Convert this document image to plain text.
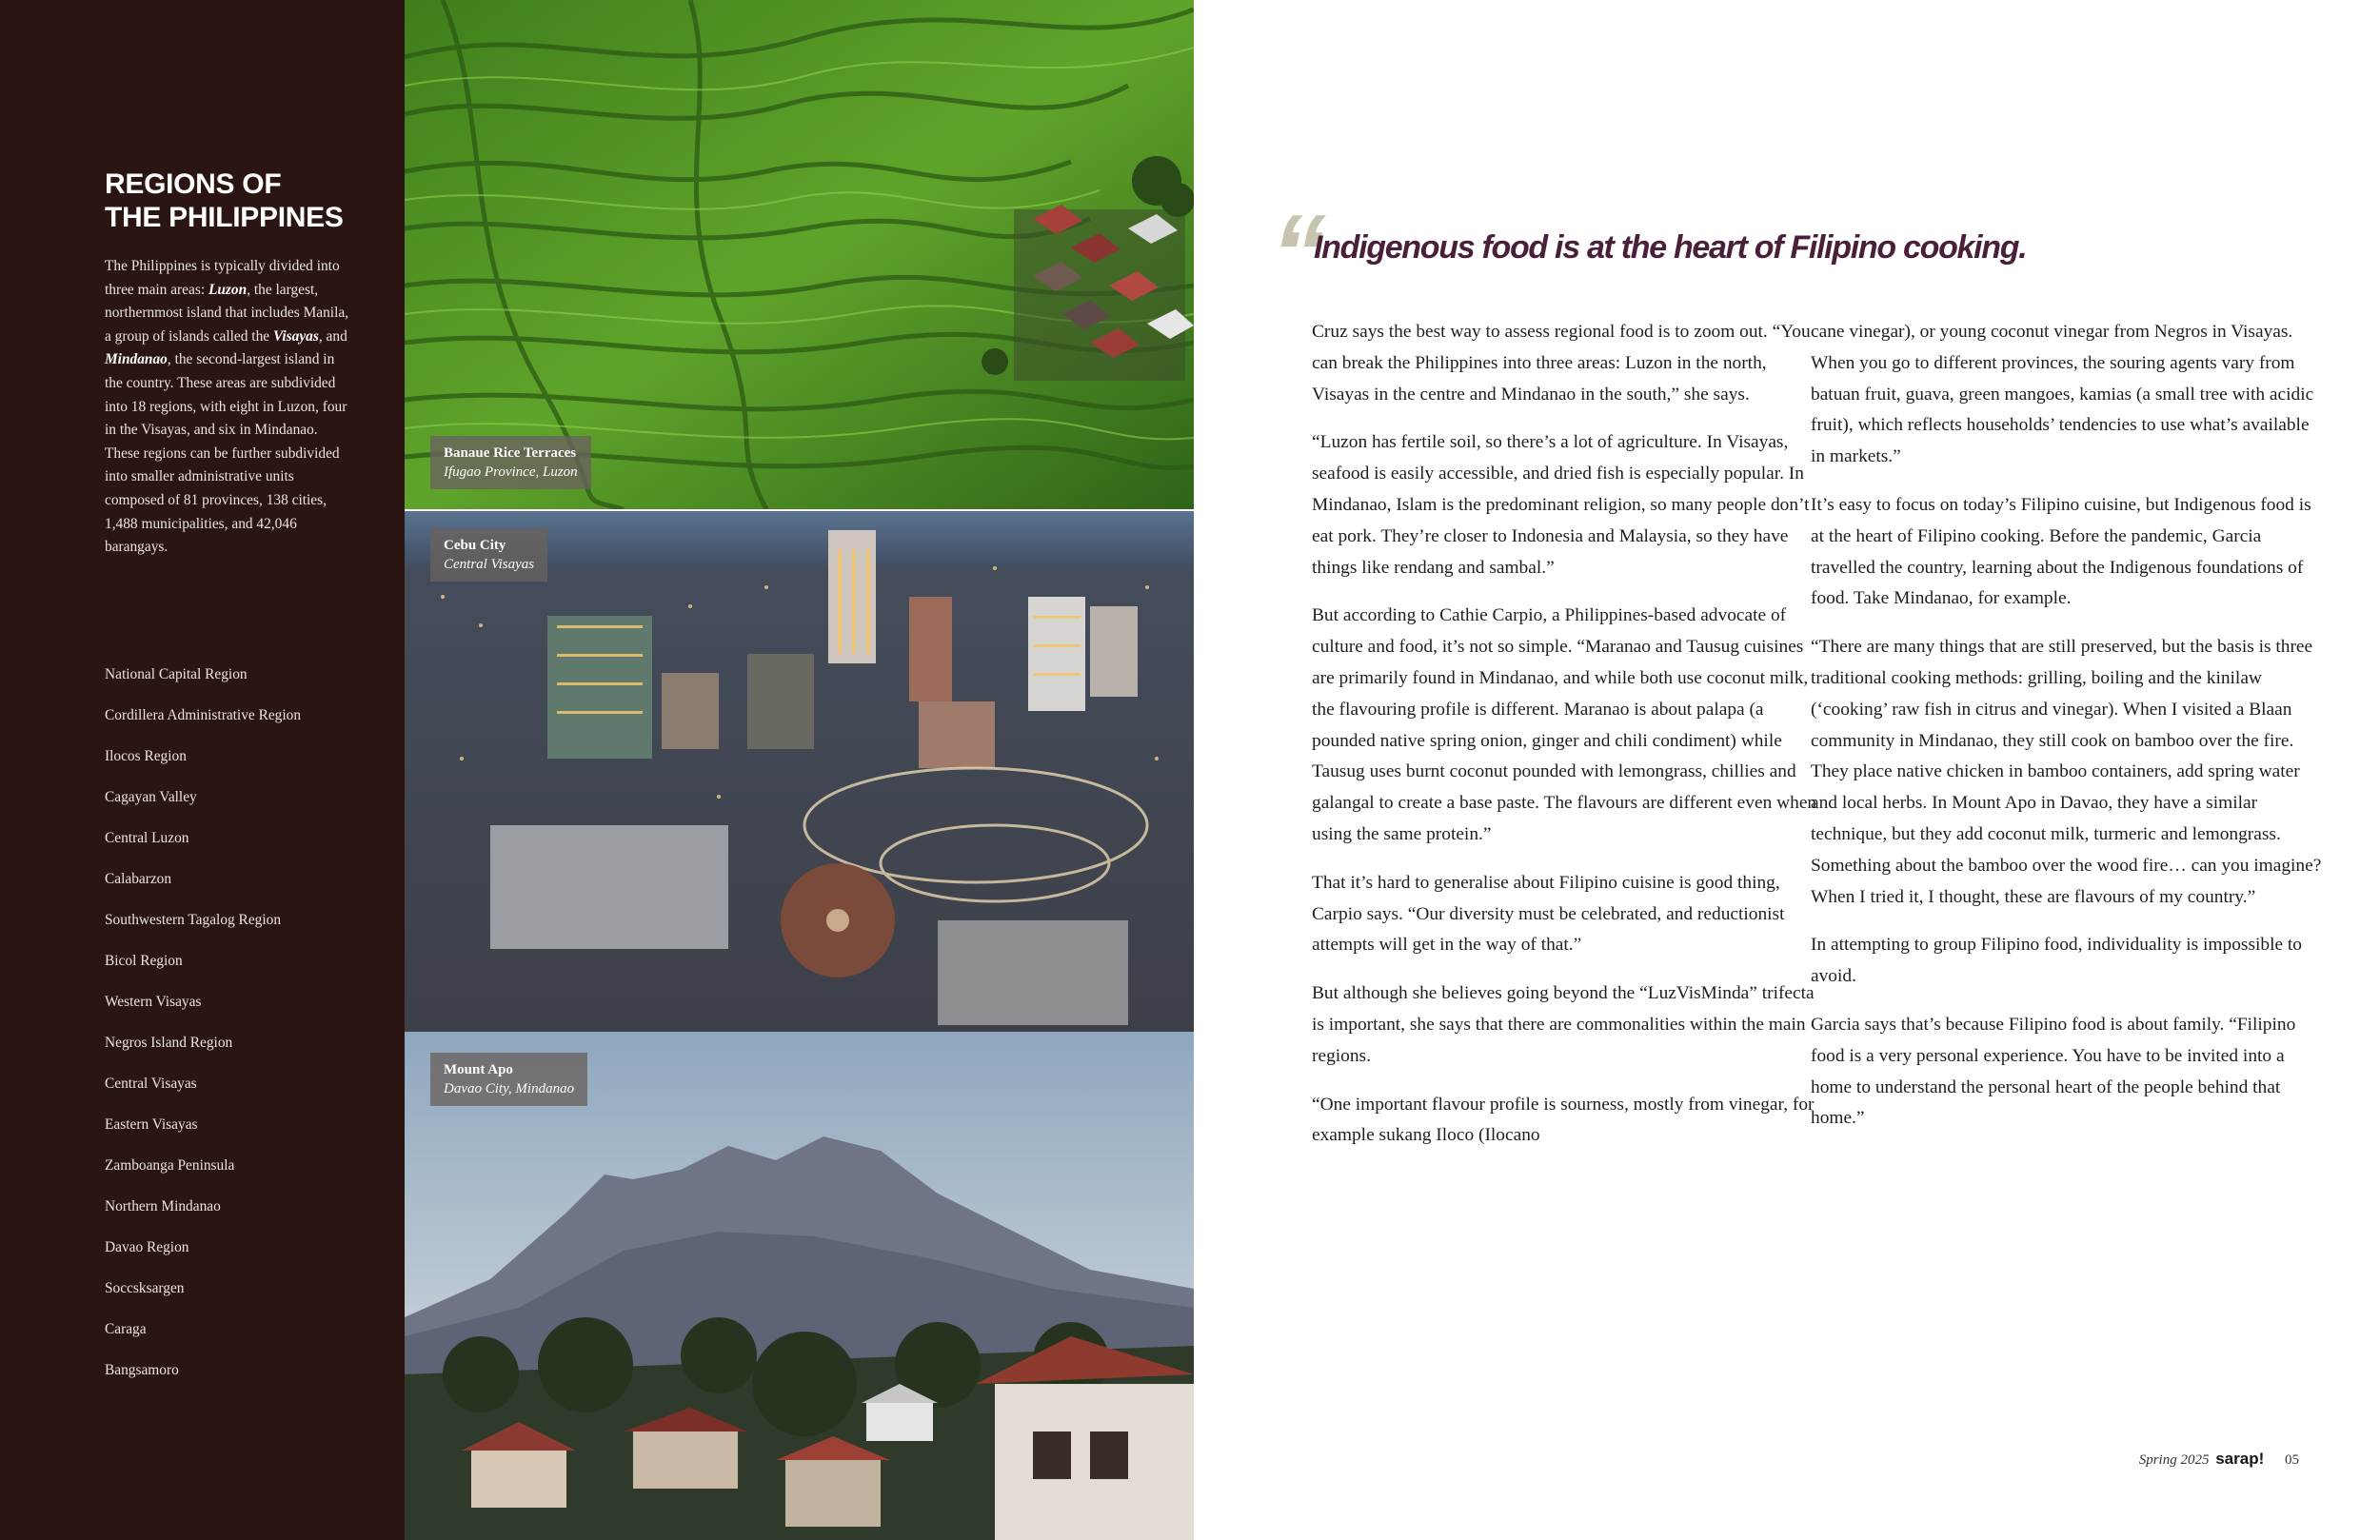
REGIONS OF
THE PHILIPPINES

The Philippines is typically divided into three main areas: Luzon, the largest, northernmost island that includes Manila, a group of islands called the Visayas, and Mindanao, the second-largest island in the country. These areas are subdivided into 18 regions, with eight in Luzon, four in the Visayas, and six in Mindanao. These regions can be further subdivided into smaller administrative units composed of 81 provinces, 138 cities, 1,488 municipalities, and 42,046 barangays.

National Capital Region
Cordillera Administrative Region
Ilocos Region
Cagayan Valley
Central Luzon
Calabarzon
Southwestern Tagalog Region
Bicol Region
Western Visayas
Negros Island Region
Central Visayas
Eastern Visayas
Zamboanga Peninsula
Northern Mindanao
Davao Region
Soccsksargen
Caraga
Bangsamoro
Banaue Rice Terraces
Ifugao Province, Luzon
Cebu City
Central Visayas
Mount Apo
Davao City, Mindanao
“ Indigenous food is at the heart of Filipino cooking.

Cruz says the best way to assess regional food is to zoom out. “You can break the Philippines into three areas: Luzon in the north, Visayas in the centre and Mindanao in the south,” she says.

“Luzon has fertile soil, so there’s a lot of agriculture. In Visayas, seafood is easily accessible, and dried fish is especially popular. In Mindanao, Islam is the predominant religion, so many people don’t eat pork. They’re closer to Indonesia and Malaysia, so they have things like rendang and sambal.”

But according to Cathie Carpio, a Philippines-based advocate of culture and food, it’s not so simple. “Maranao and Tausug cuisines are primarily found in Mindanao, and while both use coconut milk, the flavouring profile is different. Maranao is about palapa (a pounded native spring onion, ginger and chili condiment) while Tausug uses burnt coconut pounded with lemongrass, chillies and galangal to create a base paste. The flavours are different even when using the same protein.”

That it’s hard to generalise about Filipino cuisine is good thing, Carpio says. “Our diversity must be celebrated, and reductionist attempts will get in the way of that.”

But although she believes going beyond the “LuzVisMinda” trifecta is important, she says that there are commonalities within the main regions.

“One important flavour profile is sourness, mostly from vinegar, for example sukang Iloco (Ilocano

cane vinegar), or young coconut vinegar from Negros in Visayas. When you go to different provinces, the souring agents vary from batuan fruit, guava, green mangoes, kamias (a small tree with acidic fruit), which reflects households’ tendencies to use what’s available in markets.”

It’s easy to focus on today’s Filipino cuisine, but Indigenous food is at the heart of Filipino cooking. Before the pandemic, Garcia travelled the country, learning about the Indigenous foundations of food. Take Mindanao, for example.

“There are many things that are still preserved, but the basis is three traditional cooking methods: grilling, boiling and the kinilaw (‘cooking’ raw fish in citrus and vinegar). When I visited a Blaan community in Mindanao, they still cook on bamboo over the fire. They place native chicken in bamboo containers, add spring water and local herbs. In Mount Apo in Davao, they have a similar technique, but they add coconut milk, turmeric and lemongrass. Something about the bamboo over the wood fire… can you imagine? When I tried it, I thought, these are flavours of my country.”

In attempting to group Filipino food, individuality is impossible to avoid.

Garcia says that’s because Filipino food is about family. “Filipino food is a very personal experience. You have to be invited into a home to understand the personal heart of the people behind that home.”

Spring 2025 sarap! 05
